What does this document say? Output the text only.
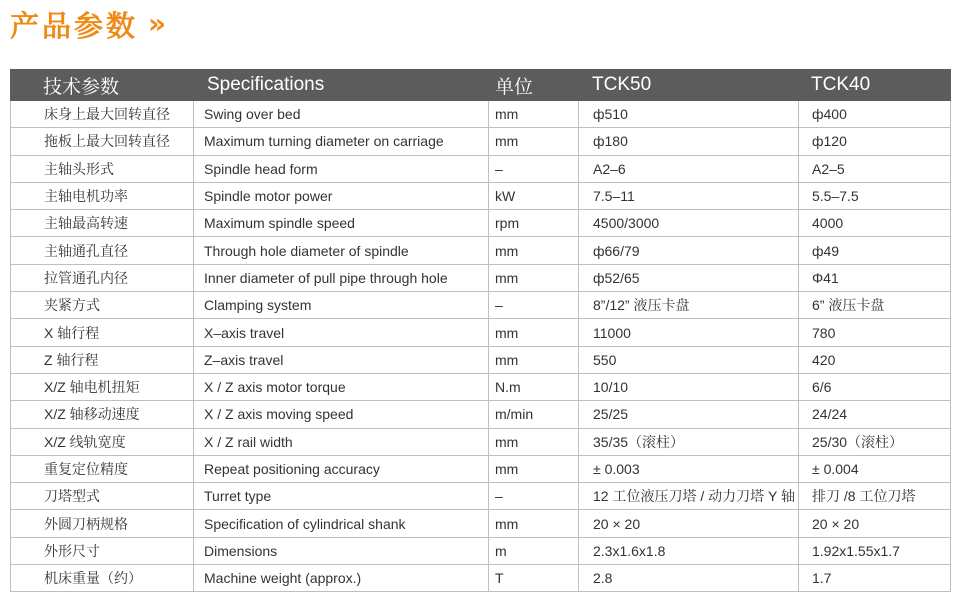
产品参数 »
技术参数	Specifications	单位	TCK50	TCK40
床身上最大回转直径	Swing over bed	mm	ф510	ф400
拖板上最大回转直径	Maximum turning diameter on carriage	mm	ф180	ф120
主轴头形式	Spindle head form	–	A2–6	A2–5
主轴电机功率	Spindle motor power	kW	7.5–11	5.5–7.5
主轴最高转速	Maximum spindle speed	rpm	4500/3000	4000
主轴通孔直径	Through hole diameter of spindle	mm	ф66/79	ф49
拉管通孔内径	Inner diameter of pull pipe through hole	mm	ф52/65	Φ41
夹紧方式	Clamping system	–	8”/12” 液压卡盘	6” 液压卡盘
X 轴行程	X–axis travel	mm	11000	780
Z 轴行程	Z–axis travel	mm	550	420
X/Z 轴电机扭矩	X / Z axis motor torque	N.m	10/10	6/6
X/Z 轴移动速度	X / Z axis moving speed	m/min	25/25	24/24
X/Z 线轨宽度	X / Z rail width	mm	35/35（滚柱）	25/30（滚柱）
重复定位精度	Repeat positioning accuracy	mm	± 0.003	± 0.004
刀塔型式	Turret type	–	12 工位液压刀塔 / 动力刀塔 Y 轴	排刀 /8 工位刀塔
外圆刀柄规格	Specification of cylindrical shank	mm	20 × 20	20 × 20
外形尺寸	Dimensions	m	2.3x1.6x1.8	1.92x1.55x1.7
机床重量（约）	Machine weight (approx.)	T	2.8	1.7
